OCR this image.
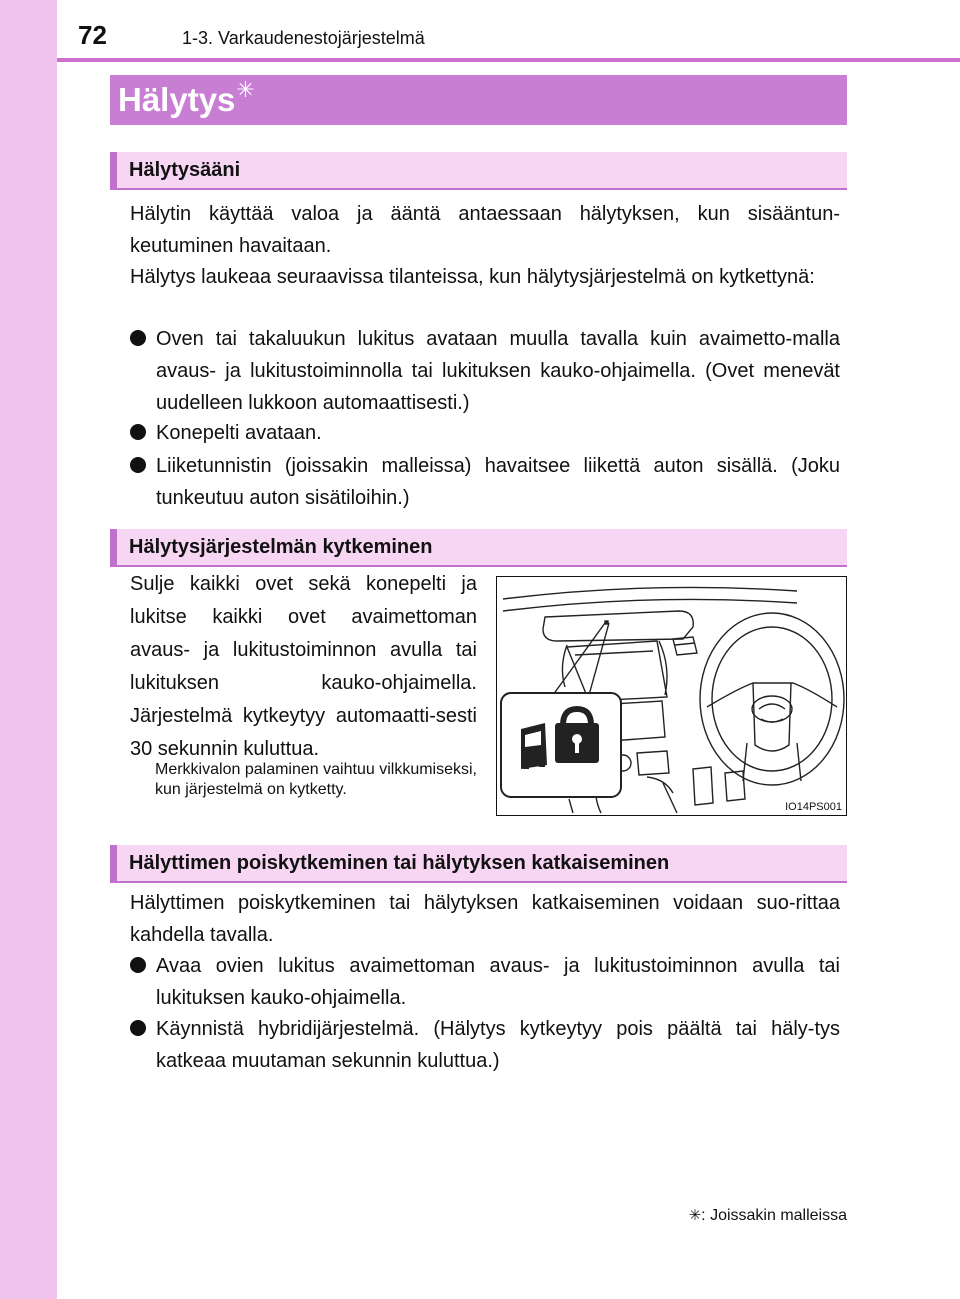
72	1-3. Varkaudenestojärjestelmä
Hälytys✳
Hälytysääni
Hälytin käyttää valoa ja ääntä antaessaan hälytyksen, kun sisääntun-keutuminen havaitaan.
Hälytys laukeaa seuraavissa tilanteissa, kun hälytysjärjestelmä on kytkettynä:
Oven tai takaluukun lukitus avataan muulla tavalla kuin avaimetto-malla avaus- ja lukitustoiminnolla tai lukituksen kauko-ohjaimella. (Ovet menevät uudelleen lukkoon automaattisesti.)
Konepelti avataan.
Liiketunnistin (joissakin malleissa) havaitsee liikettä auton sisällä. (Joku tunkeutuu auton sisätiloihin.)
Hälytysjärjestelmän kytkeminen
Sulje kaikki ovet sekä konepelti ja lukitse kaikki ovet avaimettoman avaus- ja lukitustoiminnon avulla tai lukituksen kauko-ohjaimella. Järjestelmä kytkeytyy automaatti-sesti 30 sekunnin kuluttua.
Merkkivalon palaminen vaihtuu vilkkumiseksi, kun järjestelmä on kytketty.
IO14PS001
Hälyttimen poiskytkeminen tai hälytyksen katkaiseminen
Hälyttimen poiskytkeminen tai hälytyksen katkaiseminen voidaan suo-rittaa kahdella tavalla.
Avaa ovien lukitus avaimettoman avaus- ja lukitustoiminnon avulla tai lukituksen kauko-ohjaimella.
Käynnistä hybridijärjestelmä. (Hälytys kytkeytyy pois päältä tai häly-tys katkeaa muutaman sekunnin kuluttua.)
✳: Joissakin malleissa
